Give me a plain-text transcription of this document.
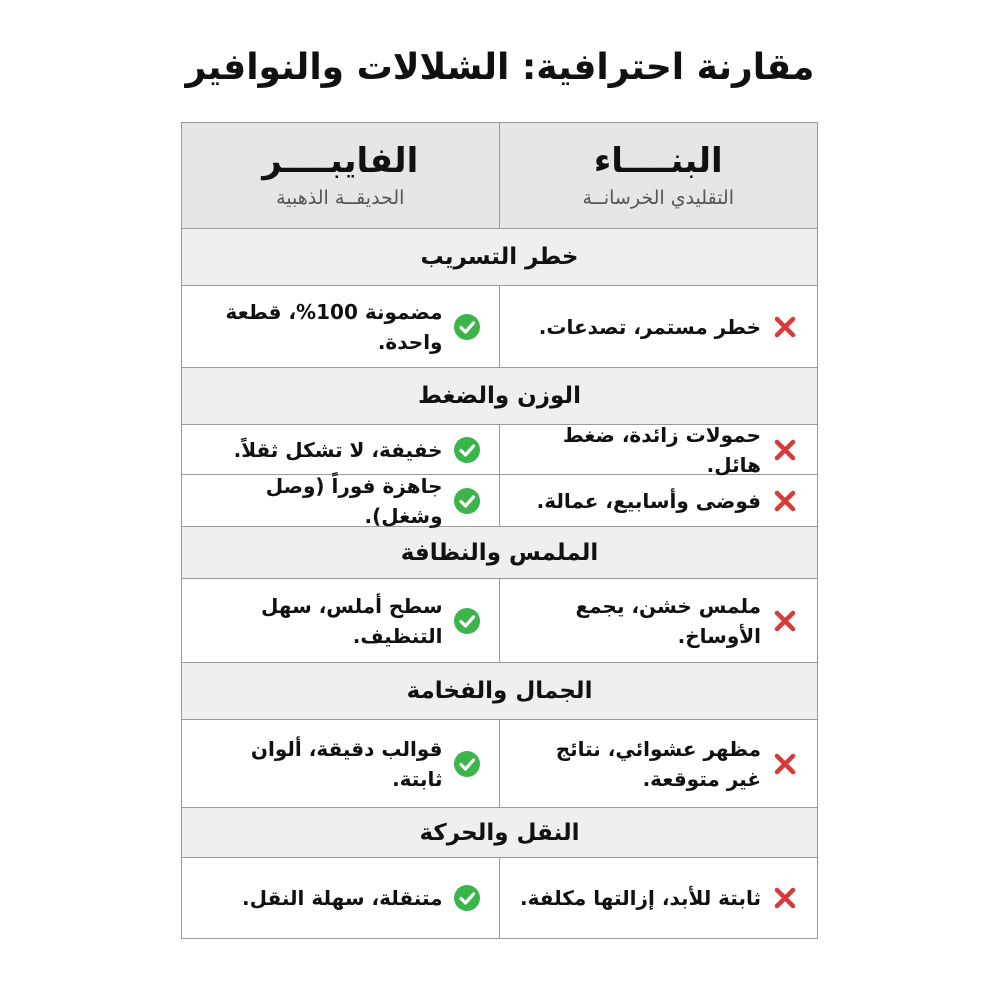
مقارنة احترافية: الشلالات والنوافير
البنــــاء
التقليدي الخرسانــة
الفايبــــر
الحديقــة الذهبية
خطر التسريب
خطر مستمر، تصدعات.
مضمونة 100%، قطعة واحدة.
الوزن والضغط
حمولات زائدة، ضغط هائل.
خفيفة، لا تشكل ثقلاً.
فوضى وأسابيع، عمالة.
جاهزة فوراً (وصل وشغل).
الملمس والنظافة
ملمس خشن، يجمع الأوساخ.
سطح أملس، سهل التنظيف.
الجمال والفخامة
مظهر عشوائي، نتائج غير متوقعة.
قوالب دقيقة، ألوان ثابتة.
النقل والحركة
ثابتة للأبد، إزالتها مكلفة.
متنقلة، سهلة النقل.
